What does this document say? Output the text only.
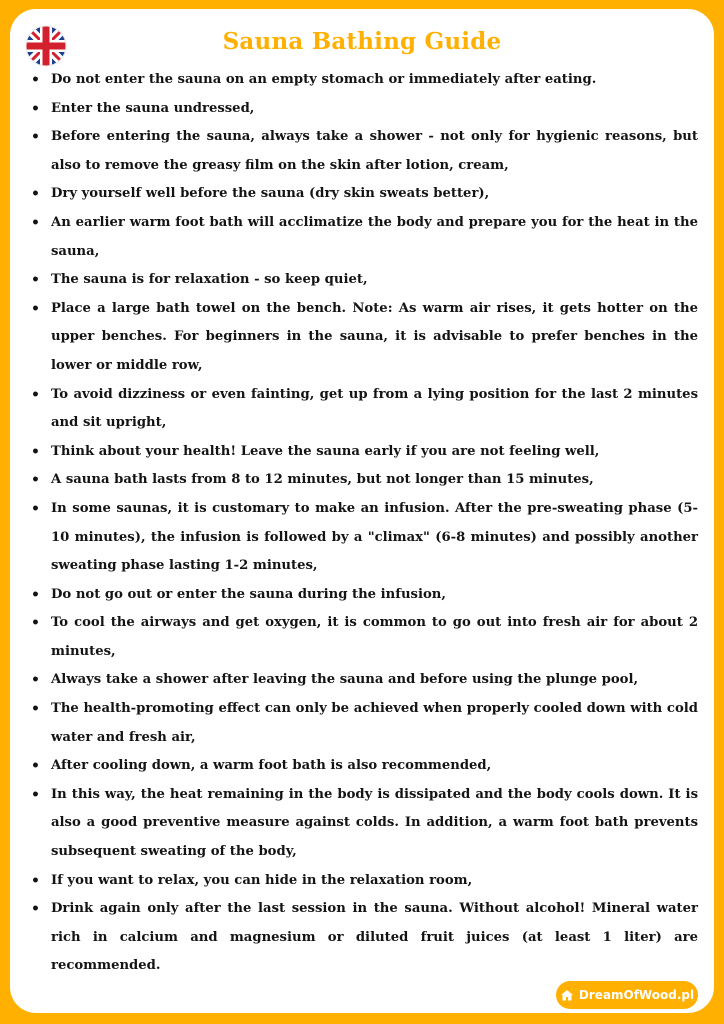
Sauna Bathing Guide
• Do not enter the sauna on an empty stomach or immediately after eating.
• Enter the sauna undressed,
• Before entering the sauna, always take a shower - not only for hygienic reasons, but also to remove the greasy film on the skin after lotion, cream,
• Dry yourself well before the sauna (dry skin sweats better),
• An earlier warm foot bath will acclimatize the body and prepare you for the heat in the sauna,
• The sauna is for relaxation - so keep quiet,
• Place a large bath towel on the bench. Note: As warm air rises, it gets hotter on the upper benches. For beginners in the sauna, it is advisable to prefer benches in the lower or middle row,
• To avoid dizziness or even fainting, get up from a lying position for the last 2 minutes and sit upright,
• Think about your health! Leave the sauna early if you are not feeling well,
• A sauna bath lasts from 8 to 12 minutes, but not longer than 15 minutes,
• In some saunas, it is customary to make an infusion. After the pre-sweating phase (5-10 minutes), the infusion is followed by a "climax" (6-8 minutes) and possibly another sweating phase lasting 1-2 minutes,
• Do not go out or enter the sauna during the infusion,
• To cool the airways and get oxygen, it is common to go out into fresh air for about 2 minutes,
• Always take a shower after leaving the sauna and before using the plunge pool,
• The health-promoting effect can only be achieved when properly cooled down with cold water and fresh air,
• After cooling down, a warm foot bath is also recommended,
• In this way, the heat remaining in the body is dissipated and the body cools down. It is also a good preventive measure against colds. In addition, a warm foot bath prevents subsequent sweating of the body,
• If you want to relax, you can hide in the relaxation room,
• Drink again only after the last session in the sauna. Without alcohol! Mineral water rich in calcium and magnesium or diluted fruit juices (at least 1 liter) are recommended.
DreamOfWood.pl
